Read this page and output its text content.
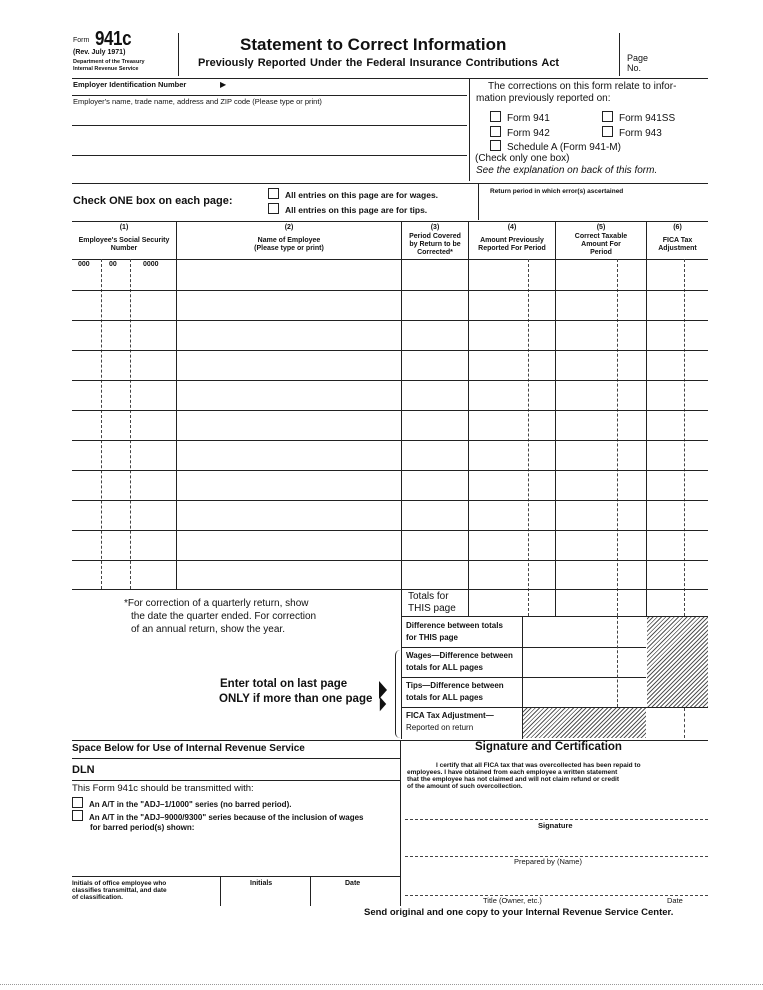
Form 941c
(Rev. July 1971)
Department of the Treasury
Internal Revenue Service
Statement to Correct Information
Previously Reported Under the Federal Insurance Contributions Act	Page
No.
Employer Identification Number	▶
Employer's name, trade name, address and ZIP code (Please type or print)
The corrections on this form relate to infor-
mation previously reported on:
Form 941	Form 941SS
Form 942	Form 943
Schedule A (Form 941-M)
(Check only one box)
See the explanation on back of this form.
Check ONE box on each page:	All entries on this page are for wages.
All entries on this page are for tips.
Return period in which error(s) ascertained
(1)
Employee's Social Security
Number
(2)
Name of Employee
(Please type or print)
(3)
Period Covered
by Return to be
Corrected*
(4)
Amount Previously
Reported For Period
(5)
Correct Taxable
Amount For
Period
(6)
FICA Tax
Adjustment
000	00	0000
*For correction of a quarterly return, show
the date the quarter ended. For correction
of an annual return, show the year.
Totals for
THIS page
Difference between totals
for THIS page
Wages—Difference between
totals for ALL pages
Tips—Difference between
totals for ALL pages
FICA Tax Adjustment—
Reported on return
Enter total on last page
ONLY if more than one page
Space Below for Use of Internal Revenue Service
DLN
This Form 941c should be transmitted with:
An A/T in the "ADJ–1/1000" series (no barred period).
An A/T in the "ADJ–9000/9300" series because of the inclusion of wages
for barred period(s) shown:
Initials of office employee who
classifies transmittal, and date
of classification.
Initials	Date
Signature and Certification
I certify that all FICA tax that was overcollected has been repaid to
employees. I have obtained from each employee a written statement
that the employee has not claimed and will not claim refund or credit
of the amount of such overcollection.
Signature
Prepared by (Name)
Title (Owner, etc.)	Date
Send original and one copy to your Internal Revenue Service Center.
